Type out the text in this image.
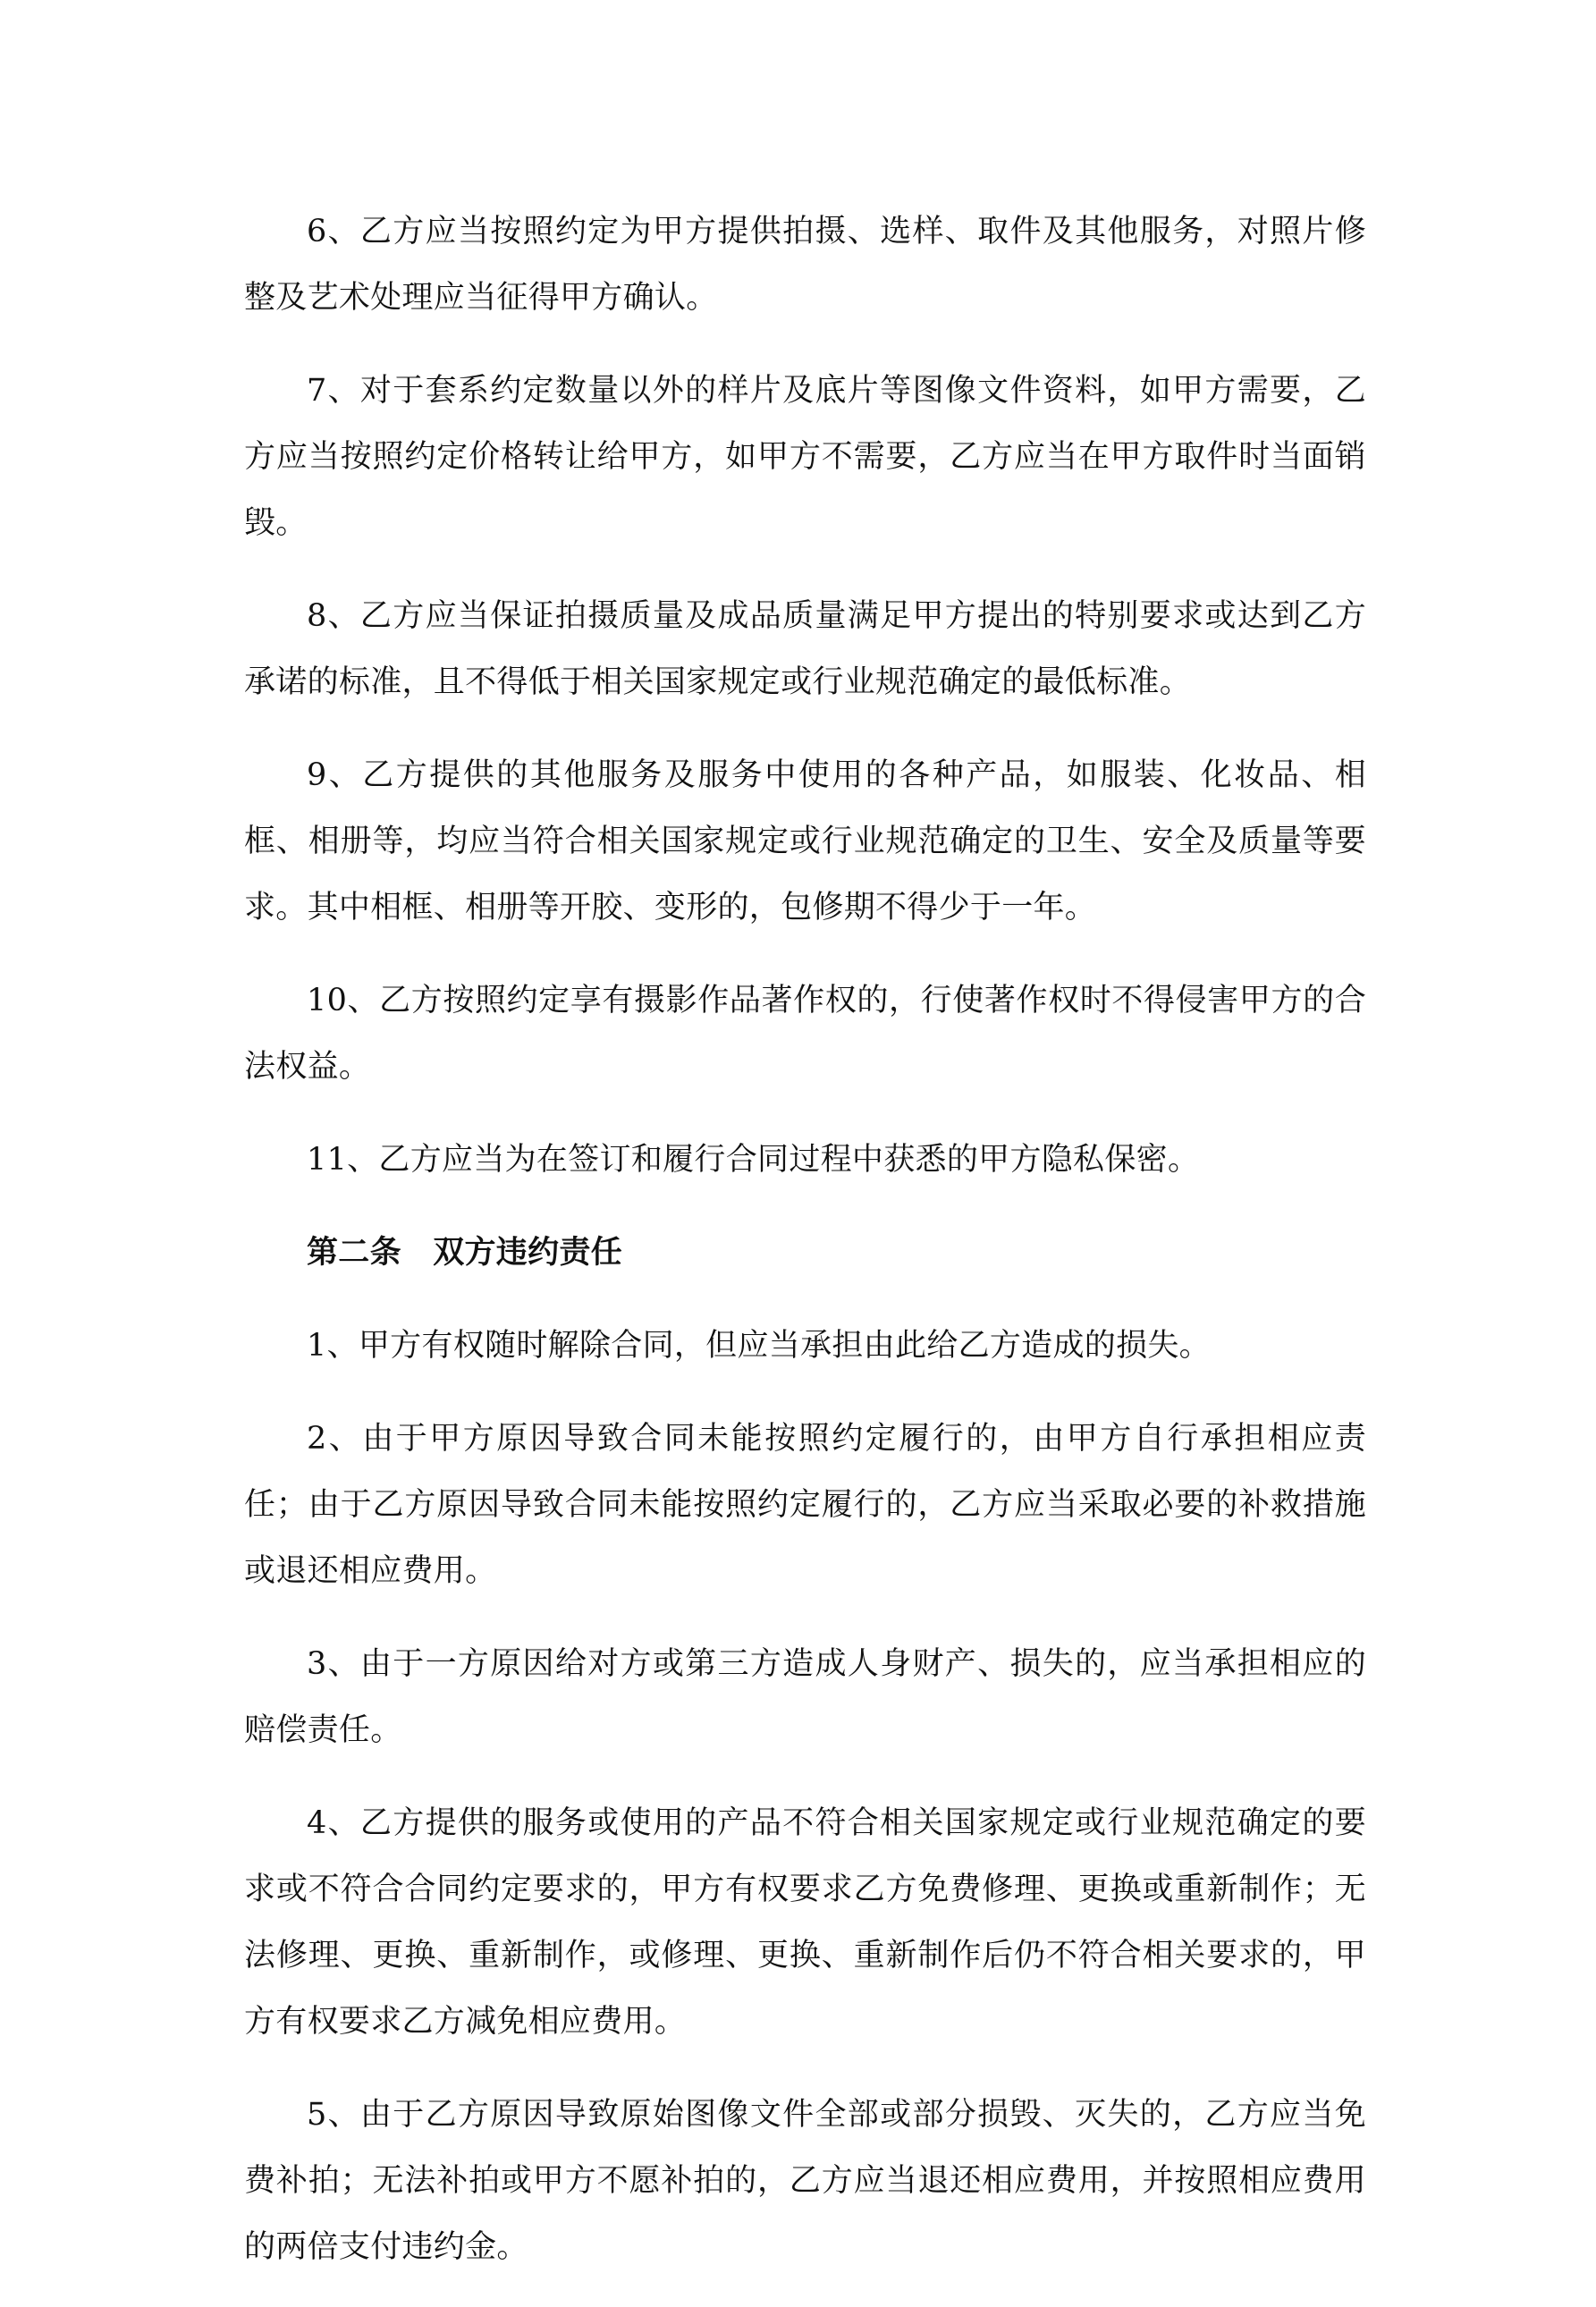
6、乙方应当按照约定为甲方提供拍摄、选样、取件及其他服务，对照片修整及艺术处理应当征得甲方确认。

7、对于套系约定数量以外的样片及底片等图像文件资料，如甲方需要，乙方应当按照约定价格转让给甲方，如甲方不需要，乙方应当在甲方取件时当面销毁。

8、乙方应当保证拍摄质量及成品质量满足甲方提出的特别要求或达到乙方承诺的标准，且不得低于相关国家规定或行业规范确定的最低标准。

9、乙方提供的其他服务及服务中使用的各种产品，如服装、化妆品、相框、相册等，均应当符合相关国家规定或行业规范确定的卫生、安全及质量等要求。其中相框、相册等开胶、变形的，包修期不得少于一年。

10、乙方按照约定享有摄影作品著作权的，行使著作权时不得侵害甲方的合法权益。

11、乙方应当为在签订和履行合同过程中获悉的甲方隐私保密。

第二条　双方违约责任

1、甲方有权随时解除合同，但应当承担由此给乙方造成的损失。

2、由于甲方原因导致合同未能按照约定履行的，由甲方自行承担相应责任；由于乙方原因导致合同未能按照约定履行的，乙方应当采取必要的补救措施或退还相应费用。

3、由于一方原因给对方或第三方造成人身财产、损失的，应当承担相应的赔偿责任。

4、乙方提供的服务或使用的产品不符合相关国家规定或行业规范确定的要求或不符合合同约定要求的，甲方有权要求乙方免费修理、更换或重新制作；无法修理、更换、重新制作，或修理、更换、重新制作后仍不符合相关要求的，甲方有权要求乙方减免相应费用。

5、由于乙方原因导致原始图像文件全部或部分损毁、灭失的，乙方应当免费补拍；无法补拍或甲方不愿补拍的，乙方应当退还相应费用，并按照相应费用的两倍支付违约金。
